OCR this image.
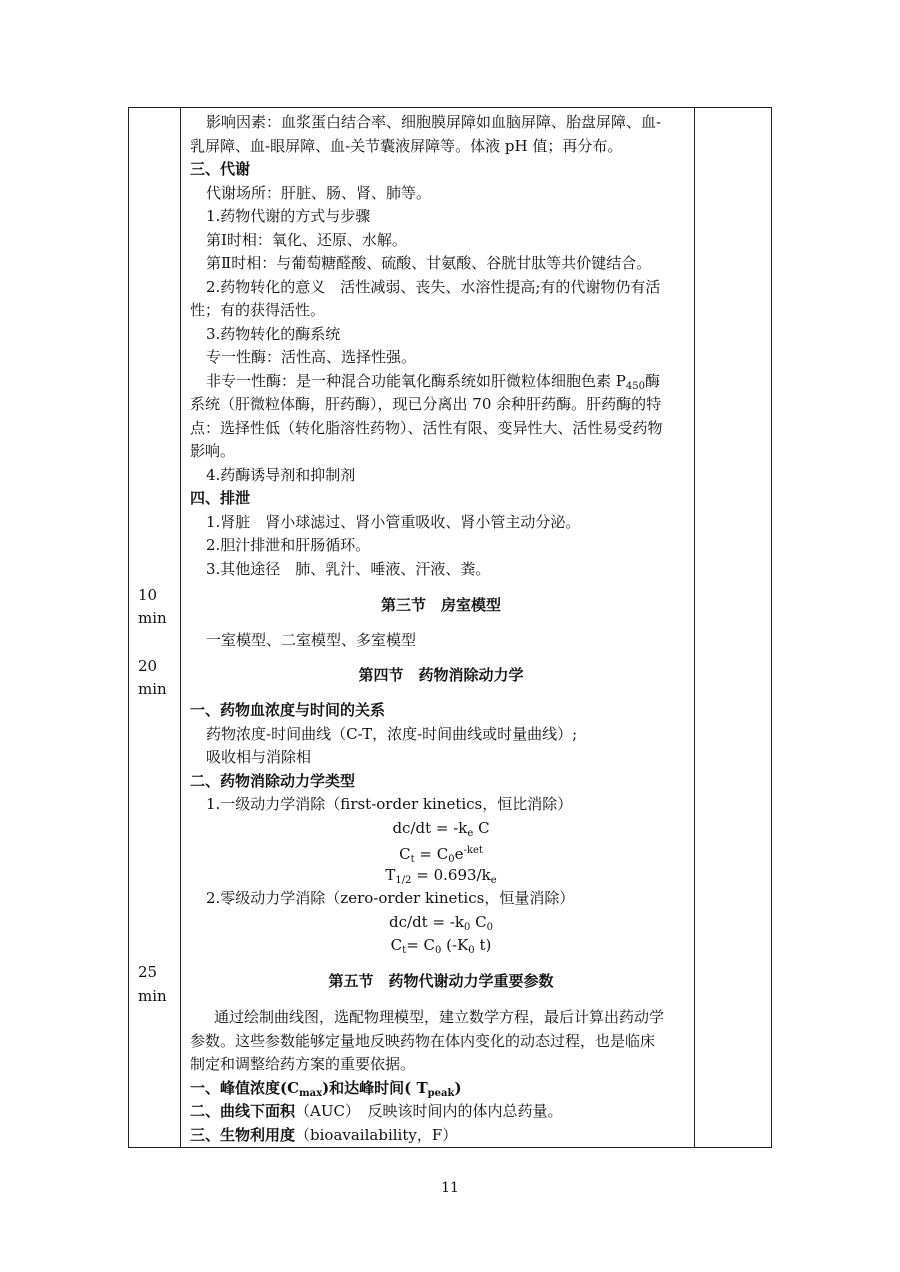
10
min
20
min
25
min
影响因素：血浆蛋白结合率、细胞膜屏障如血脑屏障、胎盘屏障、血-
乳屏障、血-眼屏障、血-关节囊液屏障等。体液 pH 值；再分布。
三、代谢
代谢场所：肝脏、肠、肾、肺等。
1.药物代谢的方式与步骤
第Ⅰ时相：氧化、还原、水解。
第Ⅱ时相：与葡萄糖醛酸、硫酸、甘氨酸、谷胱甘肽等共价键结合。
2.药物转化的意义　活性减弱、丧失、水溶性提高;有的代谢物仍有活
性；有的获得活性。
3.药物转化的酶系统
专一性酶：活性高、选择性强。
非专一性酶：是一种混合功能氧化酶系统如肝微粒体细胞色素 $P_{450}$酶
系统（肝微粒体酶，肝药酶），现已分离出 70 余种肝药酶。肝药酶的特
点：选择性低（转化脂溶性药物）、活性有限、变异性大、活性易受药物
影响。
4.药酶诱导剂和抑制剂
四、排泄
1.肾脏　肾小球滤过、肾小管重吸收、肾小管主动分泌。
2.胆汁排泄和肝肠循环。
3.其他途径　肺、乳汁、唾液、汗液、粪。
第三节　房室模型
一室模型、二室模型、多室模型
第四节　药物消除动力学
一、药物血浓度与时间的关系
药物浓度-时间曲线（C-T，浓度-时间曲线或时量曲线）;
吸收相与消除相
二、药物消除动力学类型
1.一级动力学消除（first-order kinetics，恒比消除）
$dc/dt = -k_e$ C
$C_t = C_0e^{-ket}$
$T_{1/2} = 0.693/k_e$
2.零级动力学消除（zero-order kinetics，恒量消除）
$dc/dt = -k_0$ $C_0$
$C_t= C_0$ ($-K_0$ t)
第五节　药物代谢动力学重要参数
通过绘制曲线图，选配物理模型，建立数学方程，最后计算出药动学
参数。这些参数能够定量地反映药物在体内变化的动态过程，也是临床
制定和调整给药方案的重要依据。
一、峰值浓度$(C_{max})$和达峰时间( $T_{peak}$)
二、曲线下面积（AUC）　反映该时间内的体内总药量。
三、生物利用度（bioavailability，F）
11
